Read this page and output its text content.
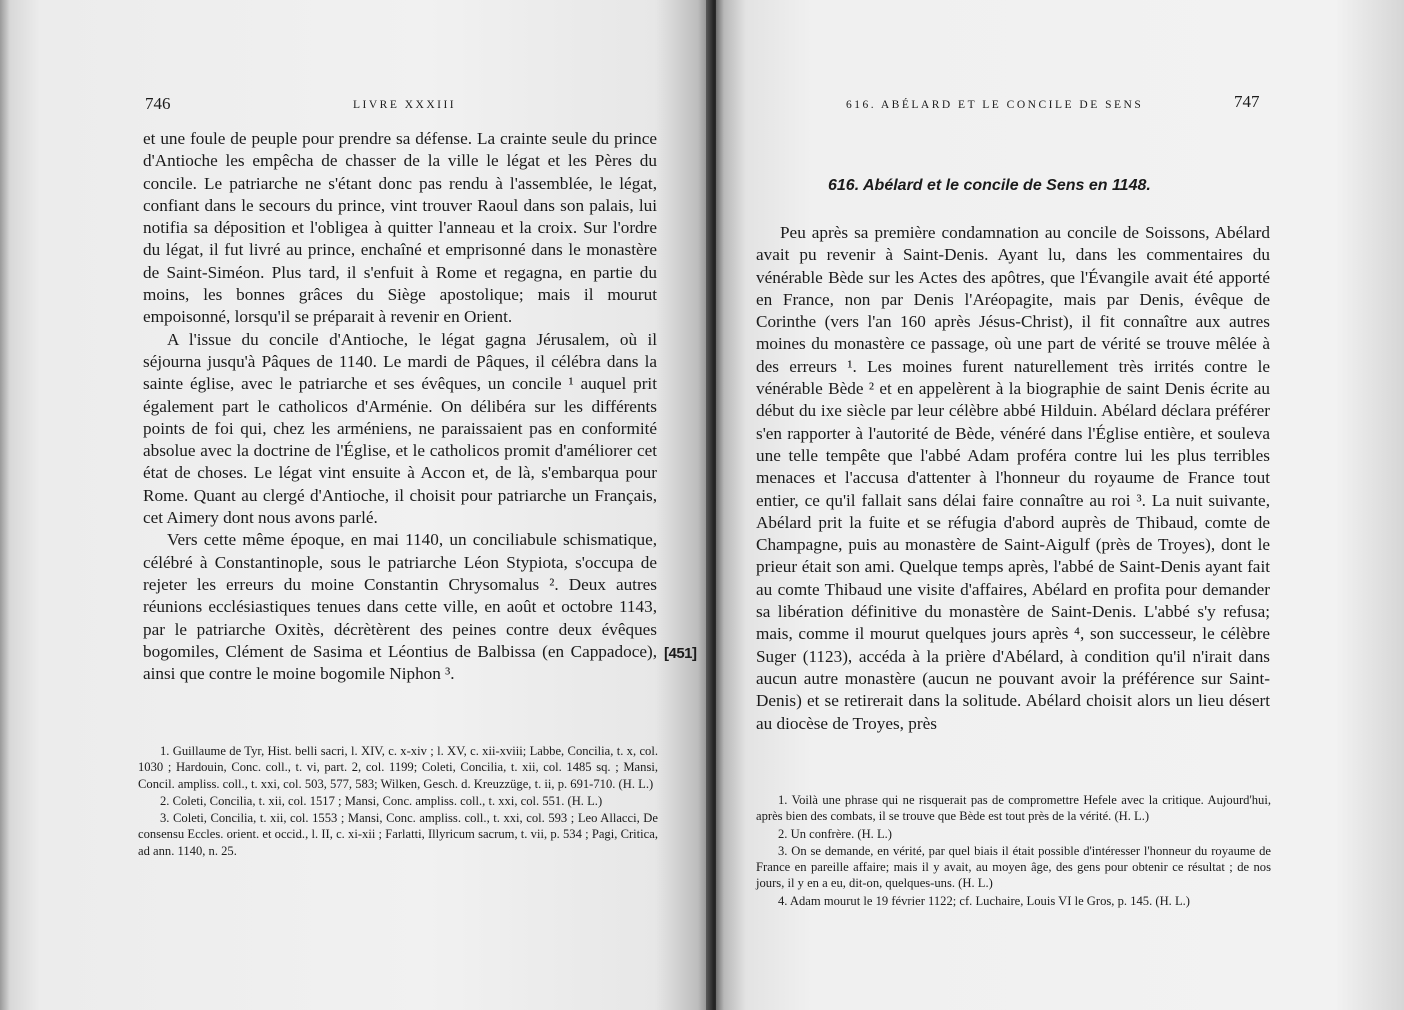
746	LIVRE XXXIII

et une foule de peuple pour prendre sa défense. La crainte seule du prince d'Antioche les empêcha de chasser de la ville le légat et les Pères du concile. Le patriarche ne s'étant donc pas rendu à l'assemblée, le légat, confiant dans le secours du prince, vint trouver Raoul dans son palais, lui notifia sa déposition et l'obligea à quitter l'anneau et la croix. Sur l'ordre du légat, il fut livré au prince, enchaîné et emprisonné dans le monastère de Saint-Siméon. Plus tard, il s'enfuit à Rome et regagna, en partie du moins, les bonnes grâces du Siège apostolique; mais il mourut empoisonné, lorsqu'il se préparait à revenir en Orient.

A l'issue du concile d'Antioche, le légat gagna Jérusalem, où il séjourna jusqu'à Pâques de 1140. Le mardi de Pâques, il célébra dans la sainte église, avec le patriarche et ses évêques, un concile ¹ auquel prit également part le catholicos d'Arménie. On délibéra sur les différents points de foi qui, chez les arméniens, ne paraissaient pas en conformité absolue avec la doctrine de l'Église, et le catholicos promit d'améliorer cet état de choses. Le légat vint ensuite à Accon et, de là, s'embarqua pour Rome. Quant au clergé d'Antioche, il choisit pour patriarche un Français, cet Aimery dont nous avons parlé.

Vers cette même époque, en mai 1140, un conciliabule schismatique, célébré à Constantinople, sous le patriarche Léon Stypiota, s'occupa de rejeter les erreurs du moine Constantin Chrysomalus ². Deux autres réunions ecclésiastiques tenues dans cette ville, en août et octobre 1143, par le patriarche Oxitès, décrètèrent des peines contre deux évêques bogomiles, Clément de Sasima et Léontius de Balbissa (en Cappadoce), ainsi que contre le moine bogomile Niphon ³.

1. Guillaume de Tyr, Hist. belli sacri, l. XIV, c. x-xiv ; l. XV, c. xii-xviii; Labbe, Concilia, t. x, col. 1030 ; Hardouin, Conc. coll., t. vi, part. 2, col. 1199; Coleti, Concilia, t. xii, col. 1485 sq. ; Mansi, Concil. ampliss. coll., t. xxi, col. 503, 577, 583; Wilken, Gesch. d. Kreuzzüge, t. ii, p. 691-710. (H. L.)

2. Coleti, Concilia, t. xii, col. 1517 ; Mansi, Conc. ampliss. coll., t. xxi, col. 551. (H. L.)

3. Coleti, Concilia, t. xii, col. 1553 ; Mansi, Conc. ampliss. coll., t. xxi, col. 593 ; Leo Allacci, De consensu Eccles. orient. et occid., l. II, c. xi-xii ; Farlatti, Illyricum sacrum, t. vii, p. 534 ; Pagi, Critica, ad ann. 1140, n. 25.

[451]
616. ABÉLARD ET LE CONCILE DE SENS	747
616. Abélard et le concile de Sens en 1148.

Peu après sa première condamnation au concile de Soissons, Abélard avait pu revenir à Saint-Denis. Ayant lu, dans les commentaires du vénérable Bède sur les Actes des apôtres, que l'Évangile avait été apporté en France, non par Denis l'Aréopagite, mais par Denis, évêque de Corinthe (vers l'an 160 après Jésus-Christ), il fit connaître aux autres moines du monastère ce passage, où une part de vérité se trouve mêlée à des erreurs ¹. Les moines furent naturellement très irrités contre le vénérable Bède ² et en appelèrent à la biographie de saint Denis écrite au début du ixe siècle par leur célèbre abbé Hilduin. Abélard déclara préférer s'en rapporter à l'autorité de Bède, vénéré dans l'Église entière, et souleva une telle tempête que l'abbé Adam proféra contre lui les plus terribles menaces et l'accusa d'attenter à l'honneur du royaume de France tout entier, ce qu'il fallait sans délai faire connaître au roi ³. La nuit suivante, Abélard prit la fuite et se réfugia d'abord auprès de Thibaud, comte de Champagne, puis au monastère de Saint-Aigulf (près de Troyes), dont le prieur était son ami. Quelque temps après, l'abbé de Saint-Denis ayant fait au comte Thibaud une visite d'affaires, Abélard en profita pour demander sa libération définitive du monastère de Saint-Denis. L'abbé s'y refusa; mais, comme il mourut quelques jours après ⁴, son successeur, le célèbre Suger (1123), accéda à la prière d'Abélard, à condition qu'il n'irait dans aucun autre monastère (aucun ne pouvant avoir la préférence sur Saint-Denis) et se retirerait dans la solitude. Abélard choisit alors un lieu désert au diocèse de Troyes, près

1. Voilà une phrase qui ne risquerait pas de compromettre Hefele avec la critique. Aujourd'hui, après bien des combats, il se trouve que Bède est tout près de la vérité. (H. L.)

2. Un confrère. (H. L.)

3. On se demande, en vérité, par quel biais il était possible d'intéresser l'honneur du royaume de France en pareille affaire; mais il y avait, au moyen âge, des gens pour obtenir ce résultat ; de nos jours, il y en a eu, dit-on, quelques-uns. (H. L.)

4. Adam mourut le 19 février 1122; cf. Luchaire, Louis VI le Gros, p. 145. (H. L.)
